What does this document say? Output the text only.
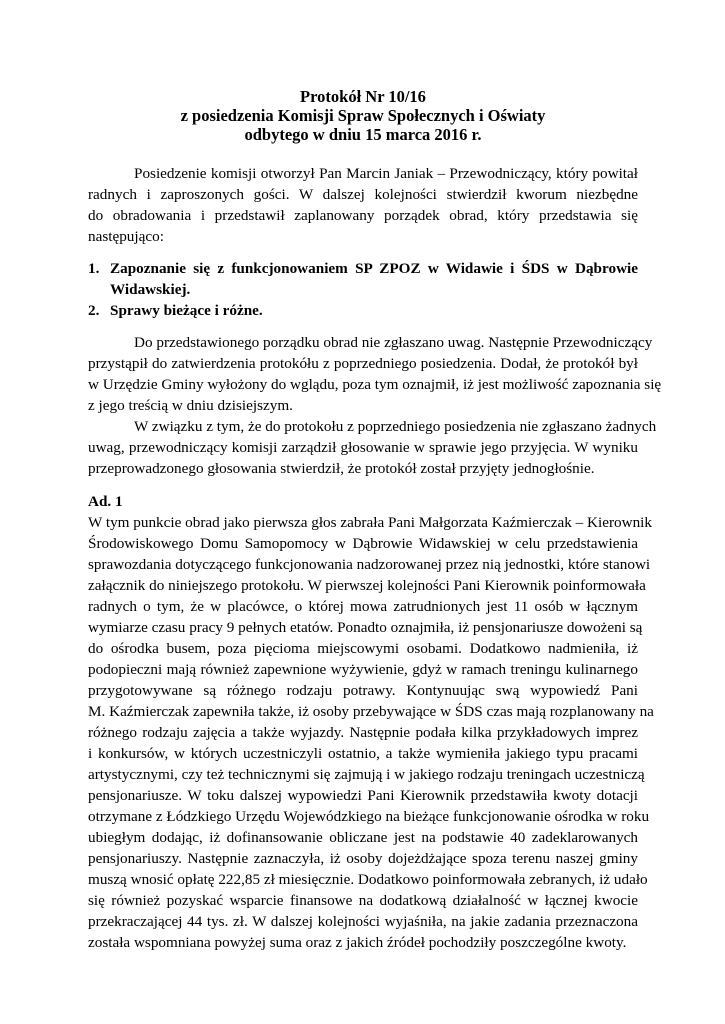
Protokół Nr 10/16
z posiedzenia Komisji Spraw Społecznych i Oświaty
odbytego w dniu 15 marca 2016 r.
Posiedzenie komisji otworzył Pan Marcin Janiak – Przewodniczący, który powitał
radnych i zaproszonych gości. W dalszej kolejności stwierdził kworum niezbędne
do obradowania i przedstawił zaplanowany porządek obrad, który przedstawia się
następująco:
1. Zapoznanie się z funkcjonowaniem SP ZPOZ w Widawie i ŚDS w Dąbrowie
Widawskiej.
2. Sprawy bieżące i różne.
Do przedstawionego porządku obrad nie zgłaszano uwag. Następnie Przewodniczący
przystąpił do zatwierdzenia protokółu z poprzedniego posiedzenia. Dodał, że protokół był
w Urzędzie Gminy wyłożony do wglądu, poza tym oznajmił, iż jest możliwość zapoznania się
z jego treścią w dniu dzisiejszym.
W związku z tym, że do protokołu z poprzedniego posiedzenia nie zgłaszano żadnych
uwag, przewodniczący komisji zarządził głosowanie w sprawie jego przyjęcia. W wyniku
przeprowadzonego głosowania stwierdził, że protokół został przyjęty jednogłośnie.
Ad. 1
W tym punkcie obrad jako pierwsza głos zabrała Pani Małgorzata Kaźmierczak – Kierownik
Środowiskowego Domu Samopomocy w Dąbrowie Widawskiej w celu przedstawienia
sprawozdania dotyczącego funkcjonowania nadzorowanej przez nią jednostki, które stanowi
załącznik do niniejszego protokołu. W pierwszej kolejności Pani Kierownik poinformowała
radnych o tym, że w placówce, o której mowa zatrudnionych jest 11 osób w łącznym
wymiarze czasu pracy 9 pełnych etatów. Ponadto oznajmiła, iż pensjonariusze dowożeni są
do ośrodka busem, poza pięcioma miejscowymi osobami. Dodatkowo nadmieniła, iż
podopieczni mają również zapewnione wyżywienie, gdyż w ramach treningu kulinarnego
przygotowywane są różnego rodzaju potrawy. Kontynuując swą wypowiedź Pani
M. Kaźmierczak zapewniła także, iż osoby przebywające w ŚDS czas mają rozplanowany na
różnego rodzaju zajęcia a także wyjazdy. Następnie podała kilka przykładowych imprez
i konkursów, w których uczestniczyli ostatnio, a także wymieniła jakiego typu pracami
artystycznymi, czy też technicznymi się zajmują i w jakiego rodzaju treningach uczestniczą
pensjonariusze. W toku dalszej wypowiedzi Pani Kierownik przedstawiła kwoty dotacji
otrzymane z Łódzkiego Urzędu Wojewódzkiego na bieżące funkcjonowanie ośrodka w roku
ubiegłym dodając, iż dofinansowanie obliczane jest na podstawie 40 zadeklarowanych
pensjonariuszy. Następnie zaznaczyła, iż osoby dojeżdżające spoza terenu naszej gminy
muszą wnosić opłatę 222,85 zł miesięcznie. Dodatkowo poinformowała zebranych, iż udało
się również pozyskać wsparcie finansowe na dodatkową działalność w łącznej kwocie
przekraczającej 44 tys. zł. W dalszej kolejności wyjaśniła, na jakie zadania przeznaczona
została wspomniana powyżej suma oraz z jakich źródeł pochodziły poszczególne kwoty.
